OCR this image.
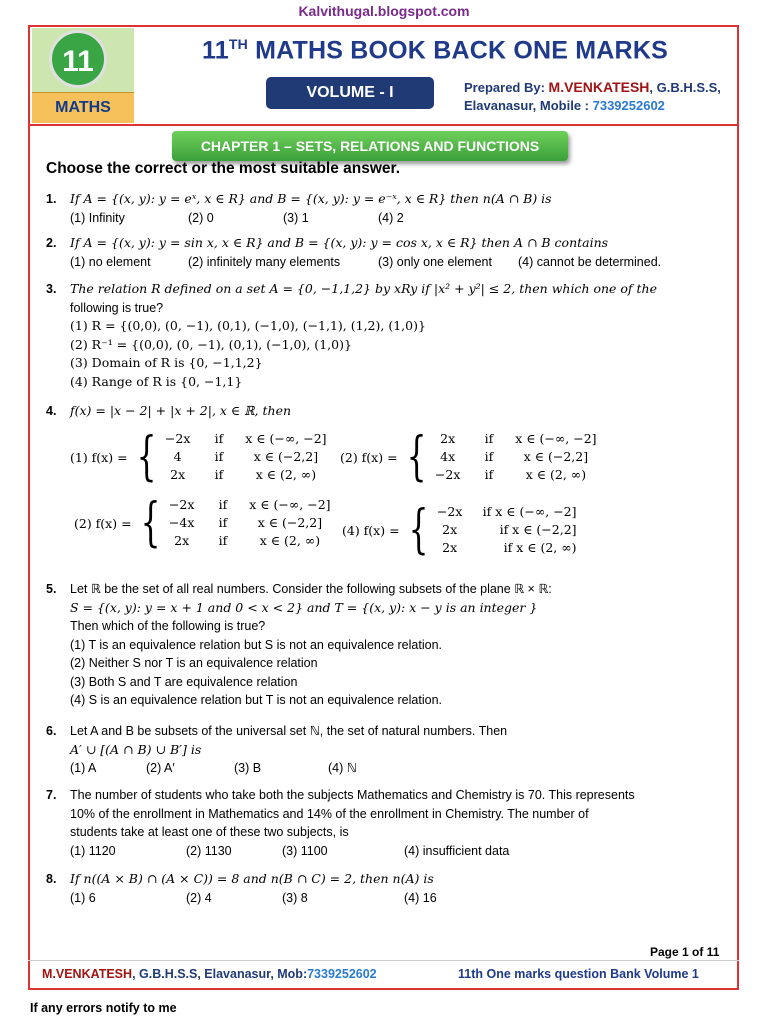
Kalvithugal.blogspot.com
11
MATHS
11TH MATHS BOOK BACK ONE MARKS
VOLUME - I	Prepared By: M.VENKATESH, G.B.H.S.S,
Elavanasur, Mobile : 7339252602
CHAPTER 1 – SETS, RELATIONS AND FUNCTIONS
Choose the correct or the most suitable answer.
1. If A = {(x, y): y = eˣ, x ∈ R} and B = {(x, y): y = e⁻ˣ, x ∈ R} then n(A ∩ B) is
(1) Infinity	(2) 0	(3) 1	(4) 2
2. If A = {(x, y): y = sin x, x ∈ R} and B = {(x, y): y = cos x, x ∈ R} then A ∩ B contains
(1) no element	(2) infinitely many elements	(3) only one element	(4) cannot be determined.
3. The relation R defined on a set A = {0, −1,1,2} by xRy if |x² + y²| ≤ 2, then which one of the
following is true?
(1) R = {(0,0), (0, −1), (0,1), (−1,0), (−1,1), (1,2), (1,0)}
(2) R⁻¹ = {(0,0), (0, −1), (0,1), (−1,0), (1,0)}
(3) Domain of R is {0, −1,1,2}
(4) Range of R is {0, −1,1}
4. f(x) = |x − 2| + |x + 2|, x ∈ ℝ, then
(1) f(x) = { −2x	if	x ∈ (−∞, −2]
4	if	x ∈ (−2,2]
2x	if	x ∈ (2, ∞)
(2) f(x) = { 2x	if	x ∈ (−∞, −2]
4x	if	x ∈ (−2,2]
−2x	if	x ∈ (2, ∞)
(2) f(x) = { −2x	if	x ∈ (−∞, −2]
−4x	if	x ∈ (−2,2]
2x	if	x ∈ (2, ∞)
(4) f(x) = { −2x	if x ∈ (−∞, −2]
2x	if x ∈ (−2,2]
2x	if x ∈ (2, ∞)
5. Let ℝ be the set of all real numbers. Consider the following subsets of the plane ℝ × ℝ:
S = {(x, y): y = x + 1 and 0 < x < 2} and T = {(x, y): x − y is an integer }
Then which of the following is true?
(1) T is an equivalence relation but S is not an equivalence relation.
(2) Neither S nor T is an equivalence relation
(3) Both S and T are equivalence relation
(4) S is an equivalence relation but T is not an equivalence relation.
6. Let A and B be subsets of the universal set ℕ, the set of natural numbers. Then
A′ ∪ [(A ∩ B) ∪ B′] is
(1) A	(2) A′	(3) B	(4) ℕ
7. The number of students who take both the subjects Mathematics and Chemistry is 70. This represents
10% of the enrollment in Mathematics and 14% of the enrollment in Chemistry. The number of
students take at least one of these two subjects, is
(1) 1120	(2) 1130	(3) 1100	(4) insufficient data
8. If n((A × B) ∩ (A × C)) = 8 and n(B ∩ C) = 2, then n(A) is
(1) 6	(2) 4	(3) 8	(4) 16
Page 1 of 11
M.VENKATESH, G.B.H.S.S, Elavanasur, Mob:7339252602	11th One marks question Bank Volume 1
If any errors notify to me
